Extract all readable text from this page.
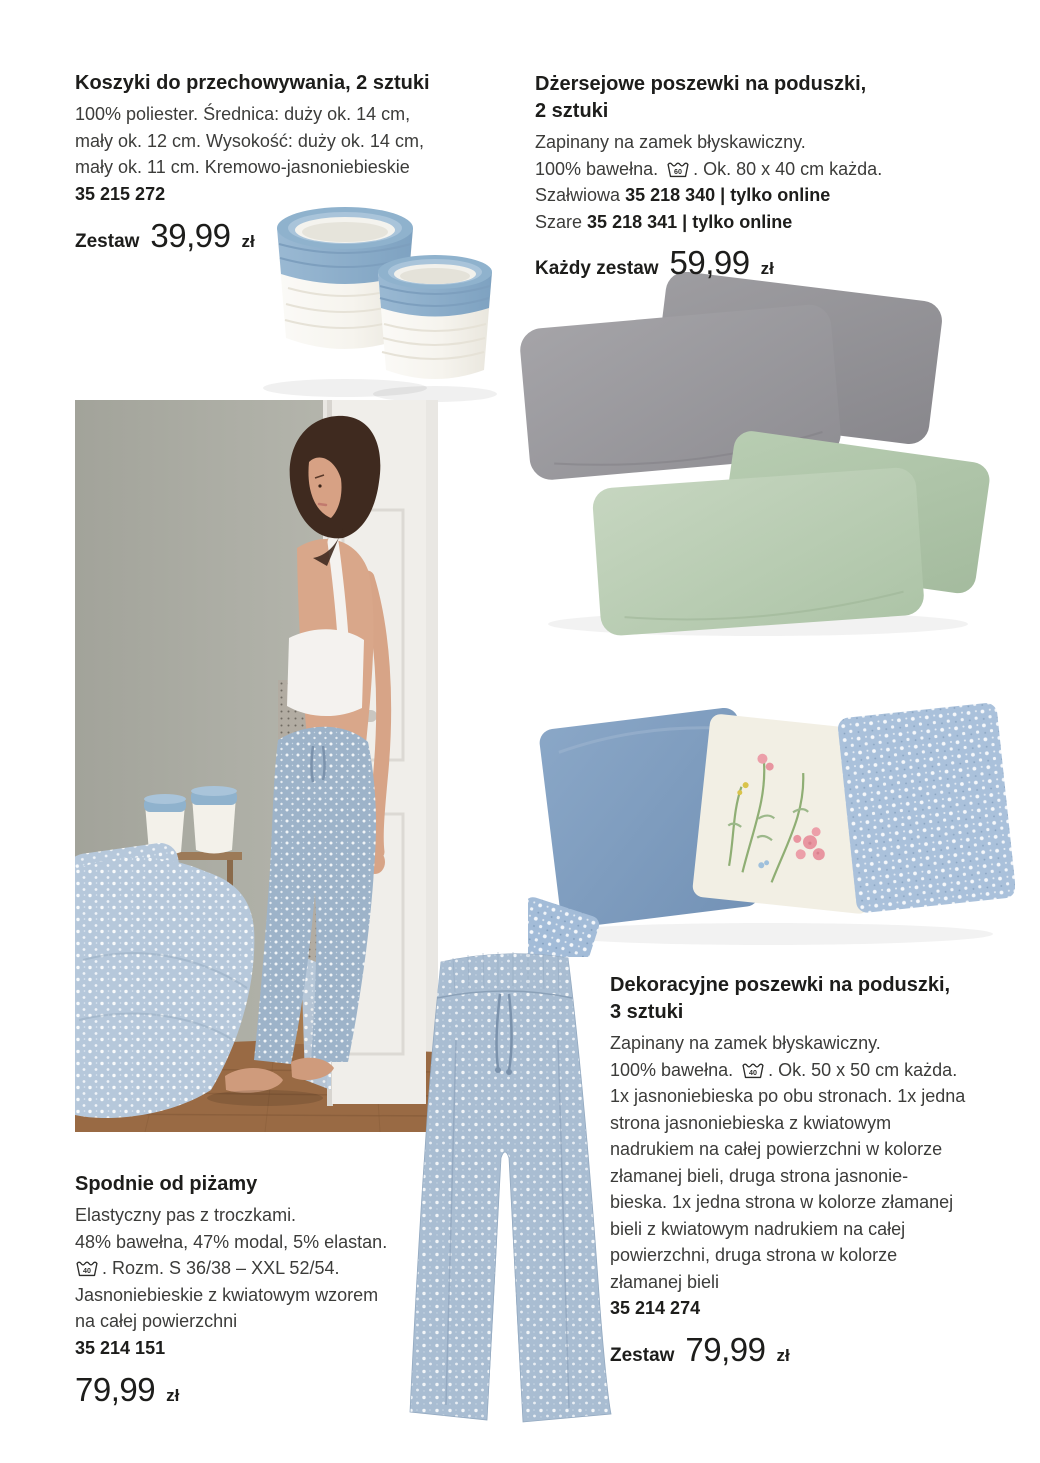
Koszyki do przechowywania, 2 sztuki
100% poliester. Średnica: duży ok. 14 cm,
mały ok. 12 cm. Wysokość: duży ok. 14 cm,
mały ok. 11 cm. Kremowo-jasnoniebieskie
35 215 272
Zestaw 39,99 zł
Dżersejowe poszewki na poduszki,
2 sztuki
Zapinany na zamek błyskawiczny.
100% bawełna. 60 . Ok. 80 x 40 cm każda.
Szałwiowa 35 218 340 | tylko online
Szare 35 218 341 | tylko online
Każdy zestaw 59,99 zł
Dekoracyjne poszewki na poduszki,
3 sztuki
Zapinany na zamek błyskawiczny.
100% bawełna. 40 . Ok. 50 x 50 cm każda.
1x jasnoniebieska po obu stronach. 1x jedna
strona jasnoniebieska z kwiatowym
nadrukiem na całej powierzchni w kolorze
złamanej bieli, druga strona jasnonie-
bieska. 1x jedna strona w kolorze złamanej
bieli z kwiatowym nadrukiem na całej
powierzchni, druga strona w kolorze
złamanej bieli
35 214 274
Zestaw 79,99 zł
Spodnie od piżamy
Elastyczny pas z troczkami.
48% bawełna, 47% modal, 5% elastan.
40 . Rozm. S 36/38 – XXL 52/54.
Jasnoniebieskie z kwiatowym wzorem
na całej powierzchni
35 214 151
79,99 zł
